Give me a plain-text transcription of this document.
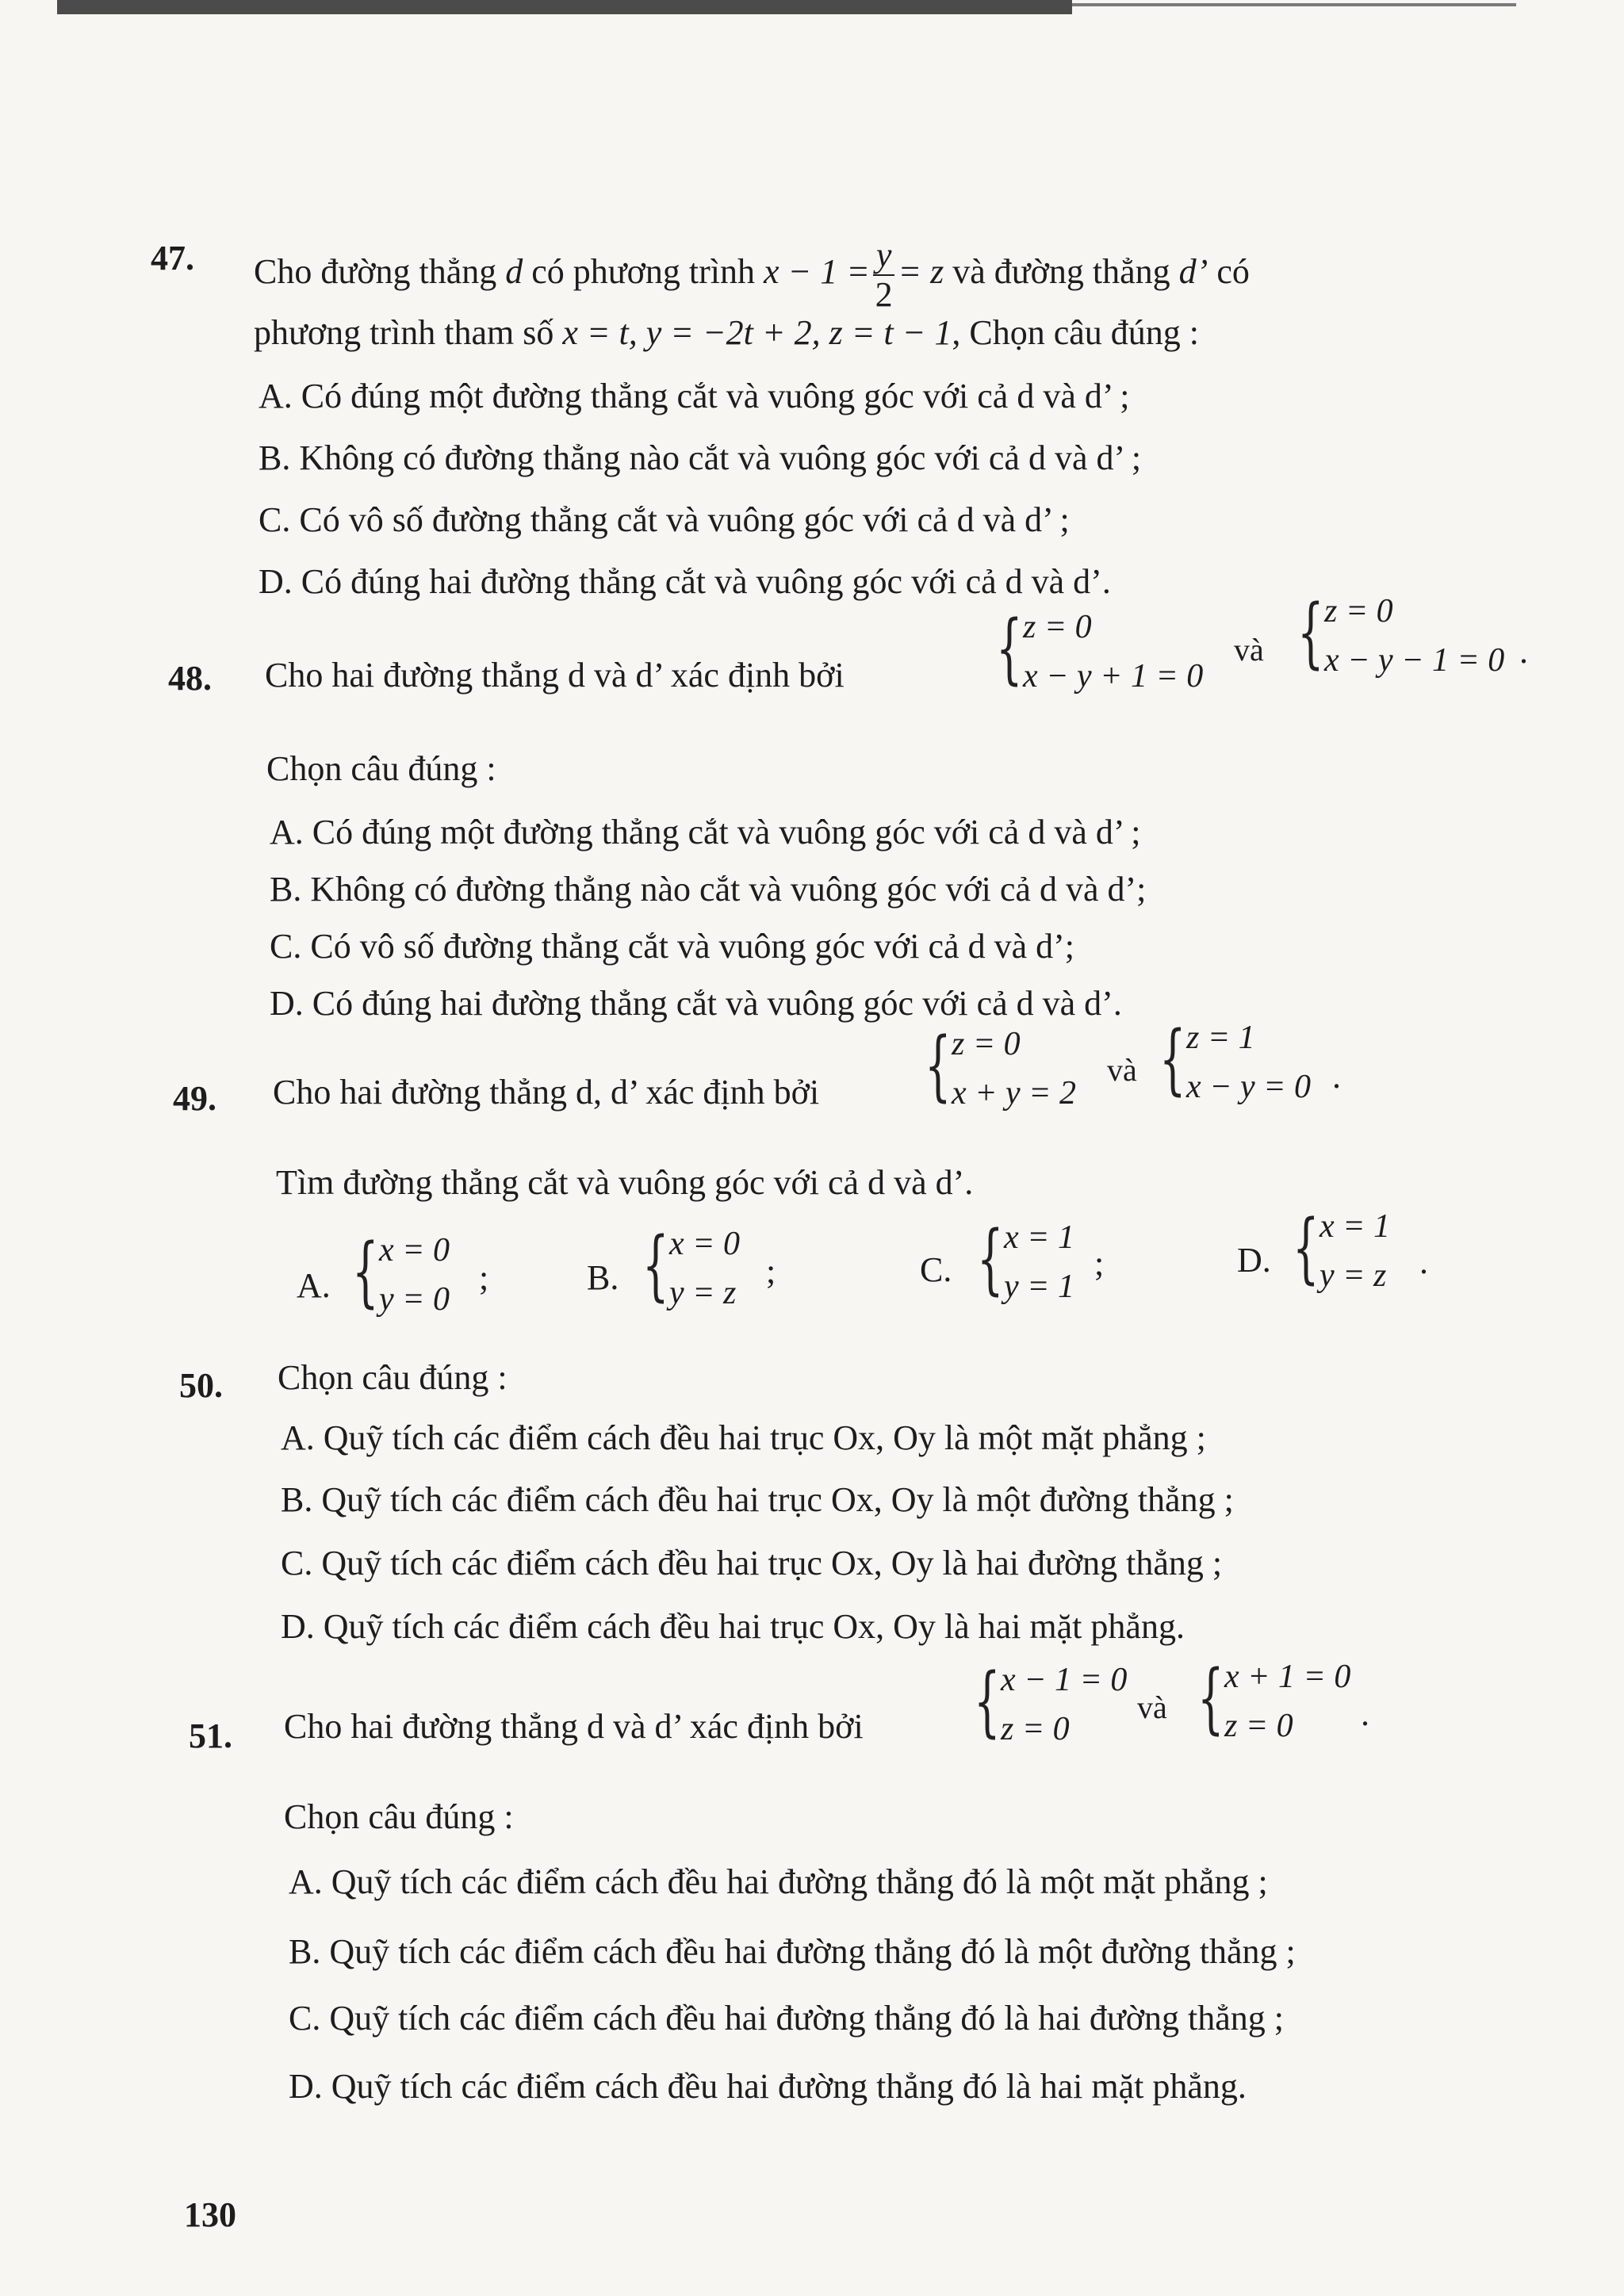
47. Cho đường thẳng d có phương trình $x - 1 = \frac{y}{2} = z$ và đường thẳng d’ có
phương trình tham số x = t, y = −2t + 2, z = t − 1, Chọn câu đúng :
A. Có đúng một đường thẳng cắt và vuông góc với cả d và d’ ;
B. Không có đường thẳng nào cắt và vuông góc với cả d và d’ ;
C. Có vô số đường thẳng cắt và vuông góc với cả d và d’ ;
D. Có đúng hai đường thẳng cắt và vuông góc với cả d và d’.
48. Cho hai đường thẳng d và d’ xác định bởi { z = 0
x − y + 1 = 0
và { z = 0
x − y − 1 = 0 .
Chọn câu đúng :
A. Có đúng một đường thẳng cắt và vuông góc với cả d và d’ ;
B. Không có đường thẳng nào cắt và vuông góc với cả d và d’;
C. Có vô số đường thẳng cắt và vuông góc với cả d và d’;
D. Có đúng hai đường thẳng cắt và vuông góc với cả d và d’.
49. Cho hai đường thẳng d, d’ xác định bởi { z = 0
x + y = 2
và { z = 1
x − y = 0 .
Tìm đường thẳng cắt và vuông góc với cả d và d’.
A. { x = 0
y = 0
;	B. { x = 0
y = z
;	C. { x = 1
y = 1
;	D. { x = 1
y = z .
50. Chọn câu đúng :
A. Quỹ tích các điểm cách đều hai trục Ox, Oy là một mặt phẳng ;
B. Quỹ tích các điểm cách đều hai trục Ox, Oy là một đường thẳng ;
C. Quỹ tích các điểm cách đều hai trục Ox, Oy là hai đường thẳng ;
D. Quỹ tích các điểm cách đều hai trục Ox, Oy là hai mặt phẳng.
51. Cho hai đường thẳng d và d’ xác định bởi { x − 1 = 0
z = 0
và { x + 1 = 0
z = 0 .
Chọn câu đúng :
A. Quỹ tích các điểm cách đều hai đường thẳng đó là một mặt phẳng ;
B. Quỹ tích các điểm cách đều hai đường thẳng đó là một đường thẳng ;
C. Quỹ tích các điểm cách đều hai đường thẳng đó là hai đường thẳng ;
D. Quỹ tích các điểm cách đều hai đường thẳng đó là hai mặt phẳng.
130
